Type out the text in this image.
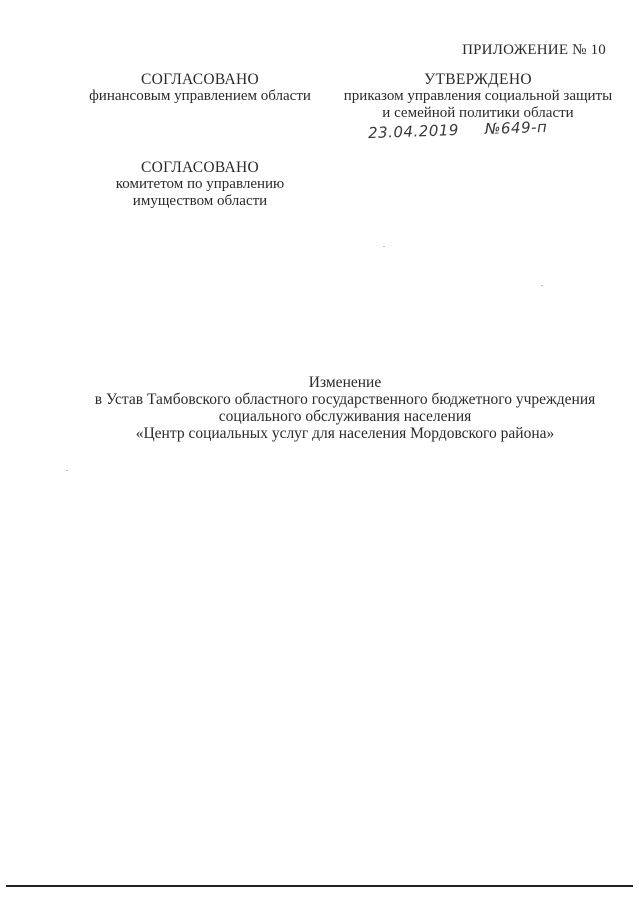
ПРИЛОЖЕНИЕ № 10
СОГЛАСОВАНО
финансовым управлением области
УТВЕРЖДЕНО
приказом управления социальной защиты
и семейной политики области
23.04.2019 №649-п
СОГЛАСОВАНО
комитетом по управлению
имуществом области
Изменение
в Устав Тамбовского областного государственного бюджетного учреждения
социального обслуживания населения
«Центр социальных услуг для населения Мордовского района»
